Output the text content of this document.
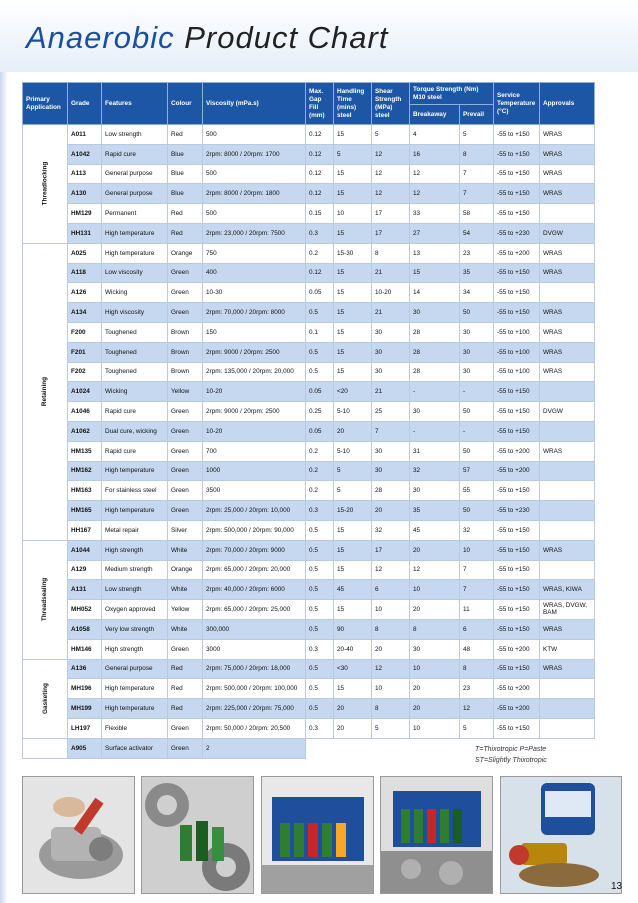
Anaerobic Product Chart
Primary Application	Grade	Features	Colour	Viscosity (mPa.s)	Max. Gap Fill (mm)	Handling Time (mins) steel	Shear Strength (MPa) steel	Torque Strength (Nm) M10 steel		Service Temperature (°C)	Approvals
								Breakaway	Prevail		
Threadlocking	A011	Low strength	Red	500	0.12	15	5	4	5	-55 to +150	WRAS
	A1042	Rapid cure	Blue	2rpm: 8000 / 20rpm: 1700	0.12	5	12	16	8	-55 to +150	WRAS
	A113	General purpose	Blue	500	0.12	15	12	12	7	-55 to +150	WRAS
	A130	General purpose	Blue	2rpm: 8000 / 20rpm: 1800	0.12	15	12	12	7	-55 to +150	WRAS
	HM129	Permanent	Red	500	0.15	10	17	33	58	-55 to +150	
	HH131	High temperature	Red	2rpm: 23,000 / 20rpm: 7500	0.3	15	17	27	54	-55 to +230	DVGW
Retaining	A025	High temperature	Orange	750	0.2	15-30	8	13	23	-55 to +200	WRAS
	A118	Low viscosity	Green	400	0.12	15	21	15	35	-55 to +150	WRAS
	A126	Wicking	Green	10-30	0.05	15	10-20	14	34	-55 to +150	
	A134	High viscosity	Green	2rpm: 70,000 / 20rpm: 8000	0.5	15	21	30	50	-55 to +150	WRAS
	F200	Toughened	Brown	150	0.1	15	30	28	30	-55 to +100	WRAS
	F201	Toughened	Brown	2rpm: 9000 / 20rpm: 2500	0.5	15	30	28	30	-55 to +100	WRAS
	F202	Toughened	Brown	2rpm: 135,000 / 20rpm: 20,000	0.5	15	30	28	30	-55 to +100	WRAS
	A1024	Wicking	Yellow	10-20	0.05	<20	21	-	-	-55 to +150	
	A1046	Rapid cure	Green	2rpm: 9000 / 20rpm: 2500	0.25	5-10	25	30	50	-55 to +150	DVGW
	A1062	Dual cure, wicking	Green	10-20	0.05	20	7	-	-	-55 to +150	
	HM135	Rapid cure	Green	700	0.2	5-10	30	31	50	-55 to +200	WRAS
	HM162	High temperature	Green	1000	0.2	5	30	32	57	-55 to +200	
	HM163	For stainless steel	Green	3500	0.2	5	28	30	55	-55 to +150	
	HM165	High temperature	Green	2rpm: 25,000 / 20rpm: 10,000	0.3	15-20	20	35	50	-55 to +230	
	HH167	Metal repair	Silver	2rpm: 500,000 / 20rpm: 90,000	0.5	15	32	45	32	-55 to +150	
Threadsealing	A1044	High strength	White	2rpm: 70,000 / 20rpm: 9000	0.5	15	17	20	10	-55 to +150	WRAS
	A129	Medium strength	Orange	2rpm: 65,000 / 20rpm: 20,000	0.5	15	12	12	7	-55 to +150	
	A131	Low strength	White	2rpm: 40,000 / 20rpm: 6000	0.5	45	6	10	7	-55 to +150	WRAS, KIWA
	MH052	Oxygen approved	Yellow	2rpm: 65,000 / 20rpm: 25,000	0.5	15	10	20	11	-55 to +150	WRAS, DVGW, BAM
	A1058	Very low strength	White	300,000	0.5	90	8	8	6	-55 to +150	WRAS
	HM146	High strength	Green	3000	0.3	20-40	20	30	48	-55 to +200	KTW
Gasketing	A136	General purpose	Red	2rpm: 75,000 / 20rpm: 18,000	0.5	<30	12	10	8	-55 to +150	WRAS
	MH196	High temperature	Red	2rpm: 500,000 / 20rpm: 100,000	0.5	15	10	20	23	-55 to +200	
	MH199	High temperature	Red	2rpm: 225,000 / 20rpm: 75,000	0.5	20	8	20	12	-55 to +200	
	LH197	Flexible	Green	2rpm: 50,000 / 20rpm: 20,500	0.3	20	5	10	5	-55 to +150	
	A905	Surface activator	Green	2								T=Thixotropic P=Paste
ST=Slightly Thixotropic
13
